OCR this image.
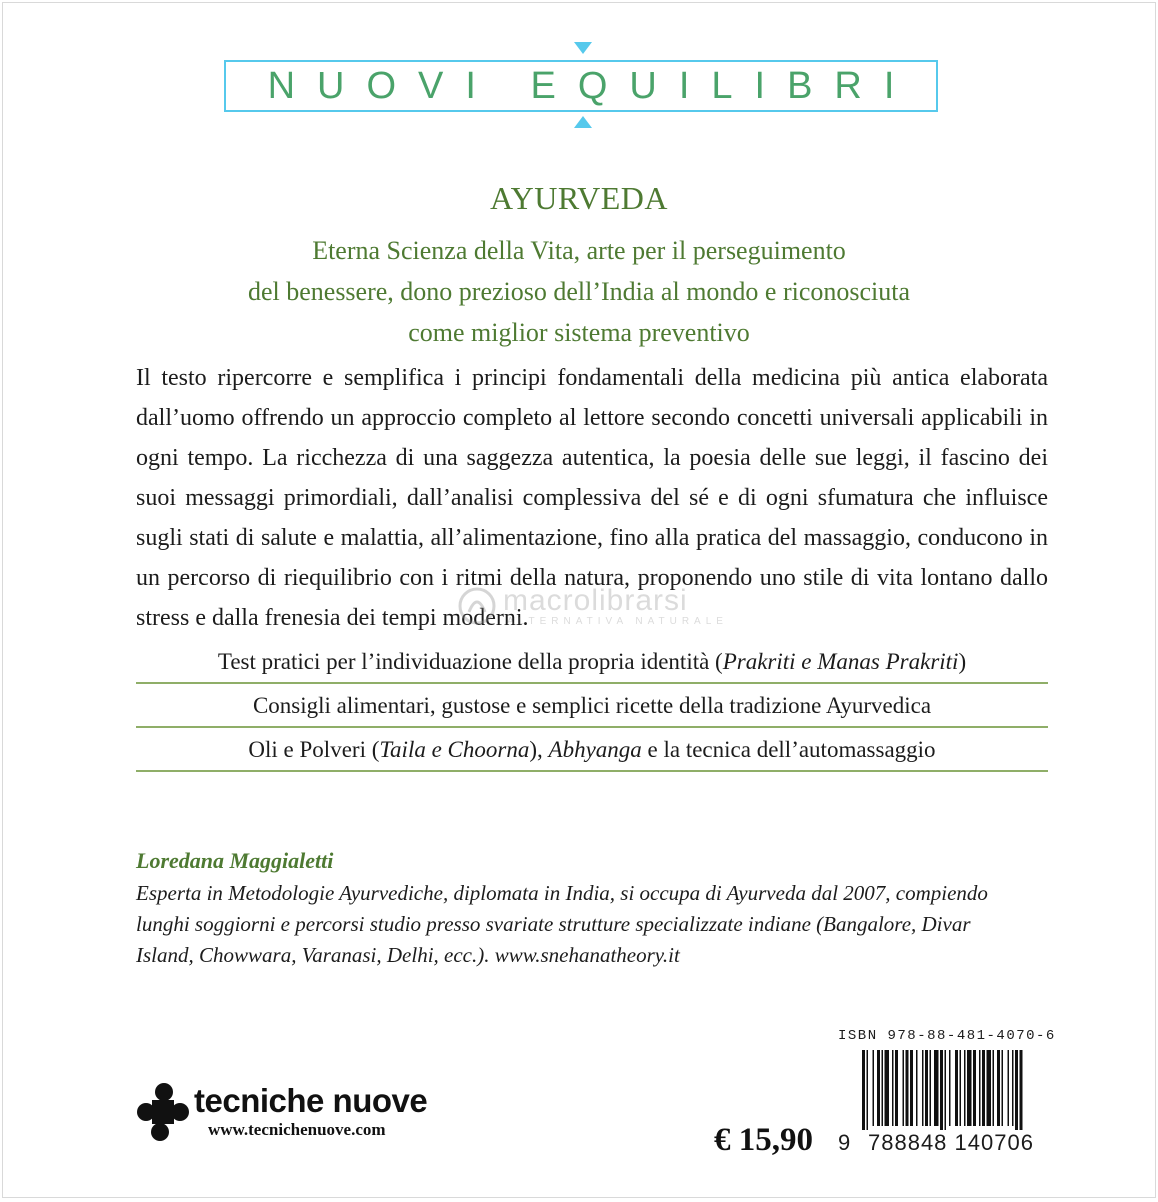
NUOVI EQUILIBRI
AYURVEDA
Eterna Scienza della Vita, arte per il perseguimento
del benessere, dono prezioso dell’India al mondo e riconosciuta
come miglior sistema preventivo

Il testo ripercorre e semplifica i principi fondamentali della medicina più antica elaborata
dall’uomo offrendo un approccio completo al lettore secondo concetti universali applicabili in
ogni tempo. La ricchezza di una saggezza autentica, la poesia delle sue leggi, il fascino dei
suoi messaggi primordiali, dall’analisi complessiva del sé e di ogni sfumatura che influisce
sugli stati di salute e malattia, all’alimentazione, fino alla pratica del massaggio, conducono in
un percorso di riequilibrio con i ritmi della natura, proponendo uno stile di vita lontano dallo
stress e dalla frenesia dei tempi moderni.

macrolibrarsi
ALTERNATIVA NATURALE
Test pratici per l’individuazione della propria identità (Prakriti e Manas Prakriti)
Consigli alimentari, gustose e semplici ricette della tradizione Ayurvedica
Oli e Polveri (Taila e Choorna), Abhyanga e la tecnica dell’automassaggio
Loredana Maggialetti

Esperta in Metodologie Ayurvediche, diplomata in India, si occupa di Ayurveda dal 2007, compiendo
lunghi soggiorni e percorsi studio presso svariate strutture specializzate indiane (Bangalore, Divar
Island, Chowwara, Varanasi, Delhi, ecc.). www.snehanatheory.it

tecniche nuove
www.tecnichenuove.com	€ 15,90
ISBN 978-88-481-4070-6
9 788848 140706
